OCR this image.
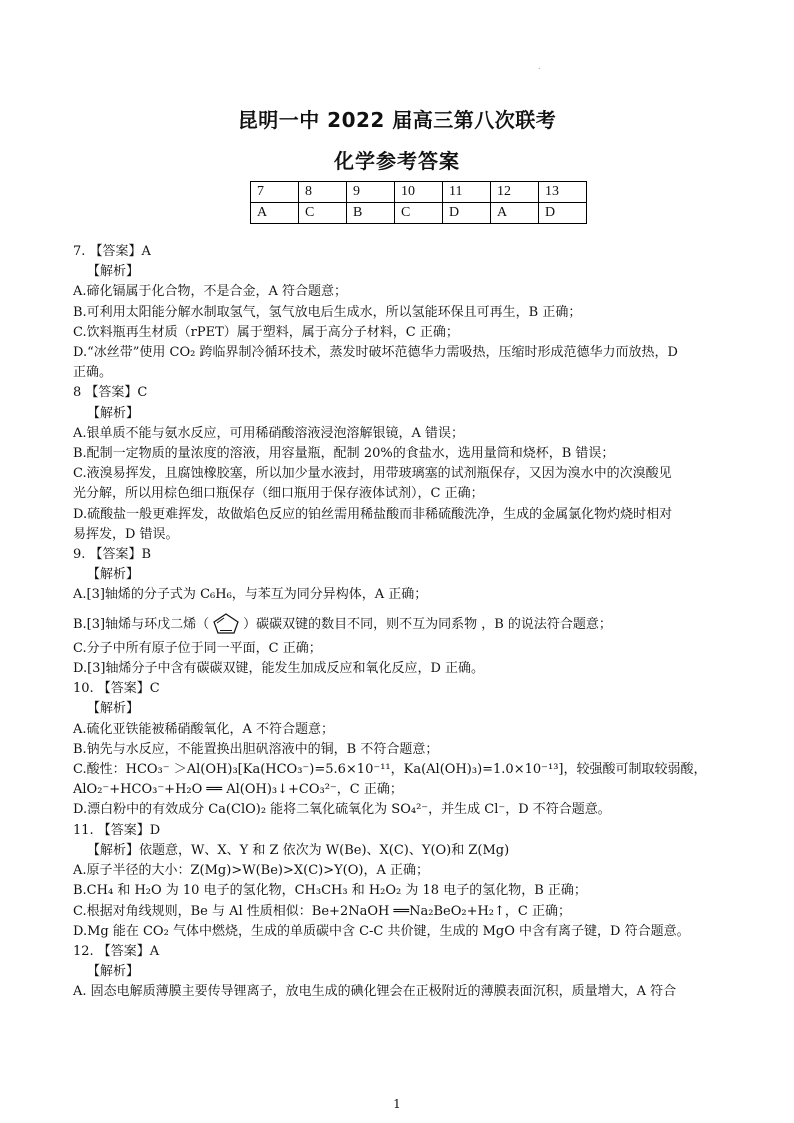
.
昆明一中 2022 届高三第八次联考
化学参考答案
7	8	9	10	11	12	13
A	C	B	C	D	A	D

7. 【答案】A

【解析】

A.碲化镉属于化合物，不是合金，A 符合题意；

B.可利用太阳能分解水制取氢气，氢气放电后生成水，所以氢能环保且可再生，B 正确；

C.饮料瓶再生材质（rPET）属于塑料，属于高分子材料，C 正确；

D.“冰丝带”使用 CO₂ 跨临界制冷循环技术，蒸发时破坏范德华力需吸热，压缩时形成范德华力而放热，D

正确。

8 【答案】C

【解析】

A.银单质不能与氨水反应，可用稀硝酸溶液浸泡溶解银镜，A 错误；

B.配制一定物质的量浓度的溶液，用容量瓶，配制 20%的食盐水，选用量筒和烧杯，B 错误；

C.液溴易挥发，且腐蚀橡胶塞，所以加少量水液封，用带玻璃塞的试剂瓶保存，又因为溴水中的次溴酸见

光分解，所以用棕色细口瓶保存（细口瓶用于保存液体试剂），C 正确；

D.硫酸盐一般更难挥发，故做焰色反应的铂丝需用稀盐酸而非稀硫酸洗净，生成的金属氯化物灼烧时相对

易挥发，D 错误。

9. 【答案】B

【解析】

A.[3]轴烯的分子式为 C₆H₆，与苯互为同分异构体，A 正确；

B.[3]轴烯与环戊二烯（	）碳碳双键的数目不同，则不互为同系物 ，B 的说法符合题意；

C.分子中所有原子位于同一平面，C 正确；

D.[3]轴烯分子中含有碳碳双键，能发生加成反应和氧化反应，D 正确。

10. 【答案】C

【解析】

A.硫化亚铁能被稀硝酸氧化，A 不符合题意；

B.钠先与水反应，不能置换出胆矾溶液中的铜，B 不符合题意；

C.酸性：HCO₃⁻ ＞Al(OH)₃[Ka(HCO₃⁻)=5.6×10⁻¹¹，Ka(Al(OH)₃)=1.0×10⁻¹³]，较强酸可制取较弱酸，

AlO₂⁻+HCO₃⁻+H₂O ══ Al(OH)₃↓+CO₃²⁻，C 正确；

D.漂白粉中的有效成分 Ca(ClO)₂ 能将二氧化硫氧化为 SO₄²⁻，并生成 Cl⁻，D 不符合题意。

11. 【答案】D

【解析】依题意，W、X、Y 和 Z 依次为 W(Be)、X(C)、Y(O)和 Z(Mg)

A.原子半径的大小：Z(Mg)>W(Be)>X(C)>Y(O)，A 正确；

B.CH₄ 和 H₂O 为 10 电子的氢化物，CH₃CH₃ 和 H₂O₂ 为 18 电子的氢化物，B 正确；

C.根据对角线规则，Be 与 Al 性质相似：Be+2NaOH ══Na₂BeO₂+H₂↑，C 正确；

D.Mg 能在 CO₂ 气体中燃烧，生成的单质碳中含 C-C 共价键，生成的 MgO 中含有离子键，D 符合题意。

12. 【答案】A

【解析】

A. 固态电解质薄膜主要传导锂离子，放电生成的碘化锂会在正极附近的薄膜表面沉积，质量增大，A 符合

1
